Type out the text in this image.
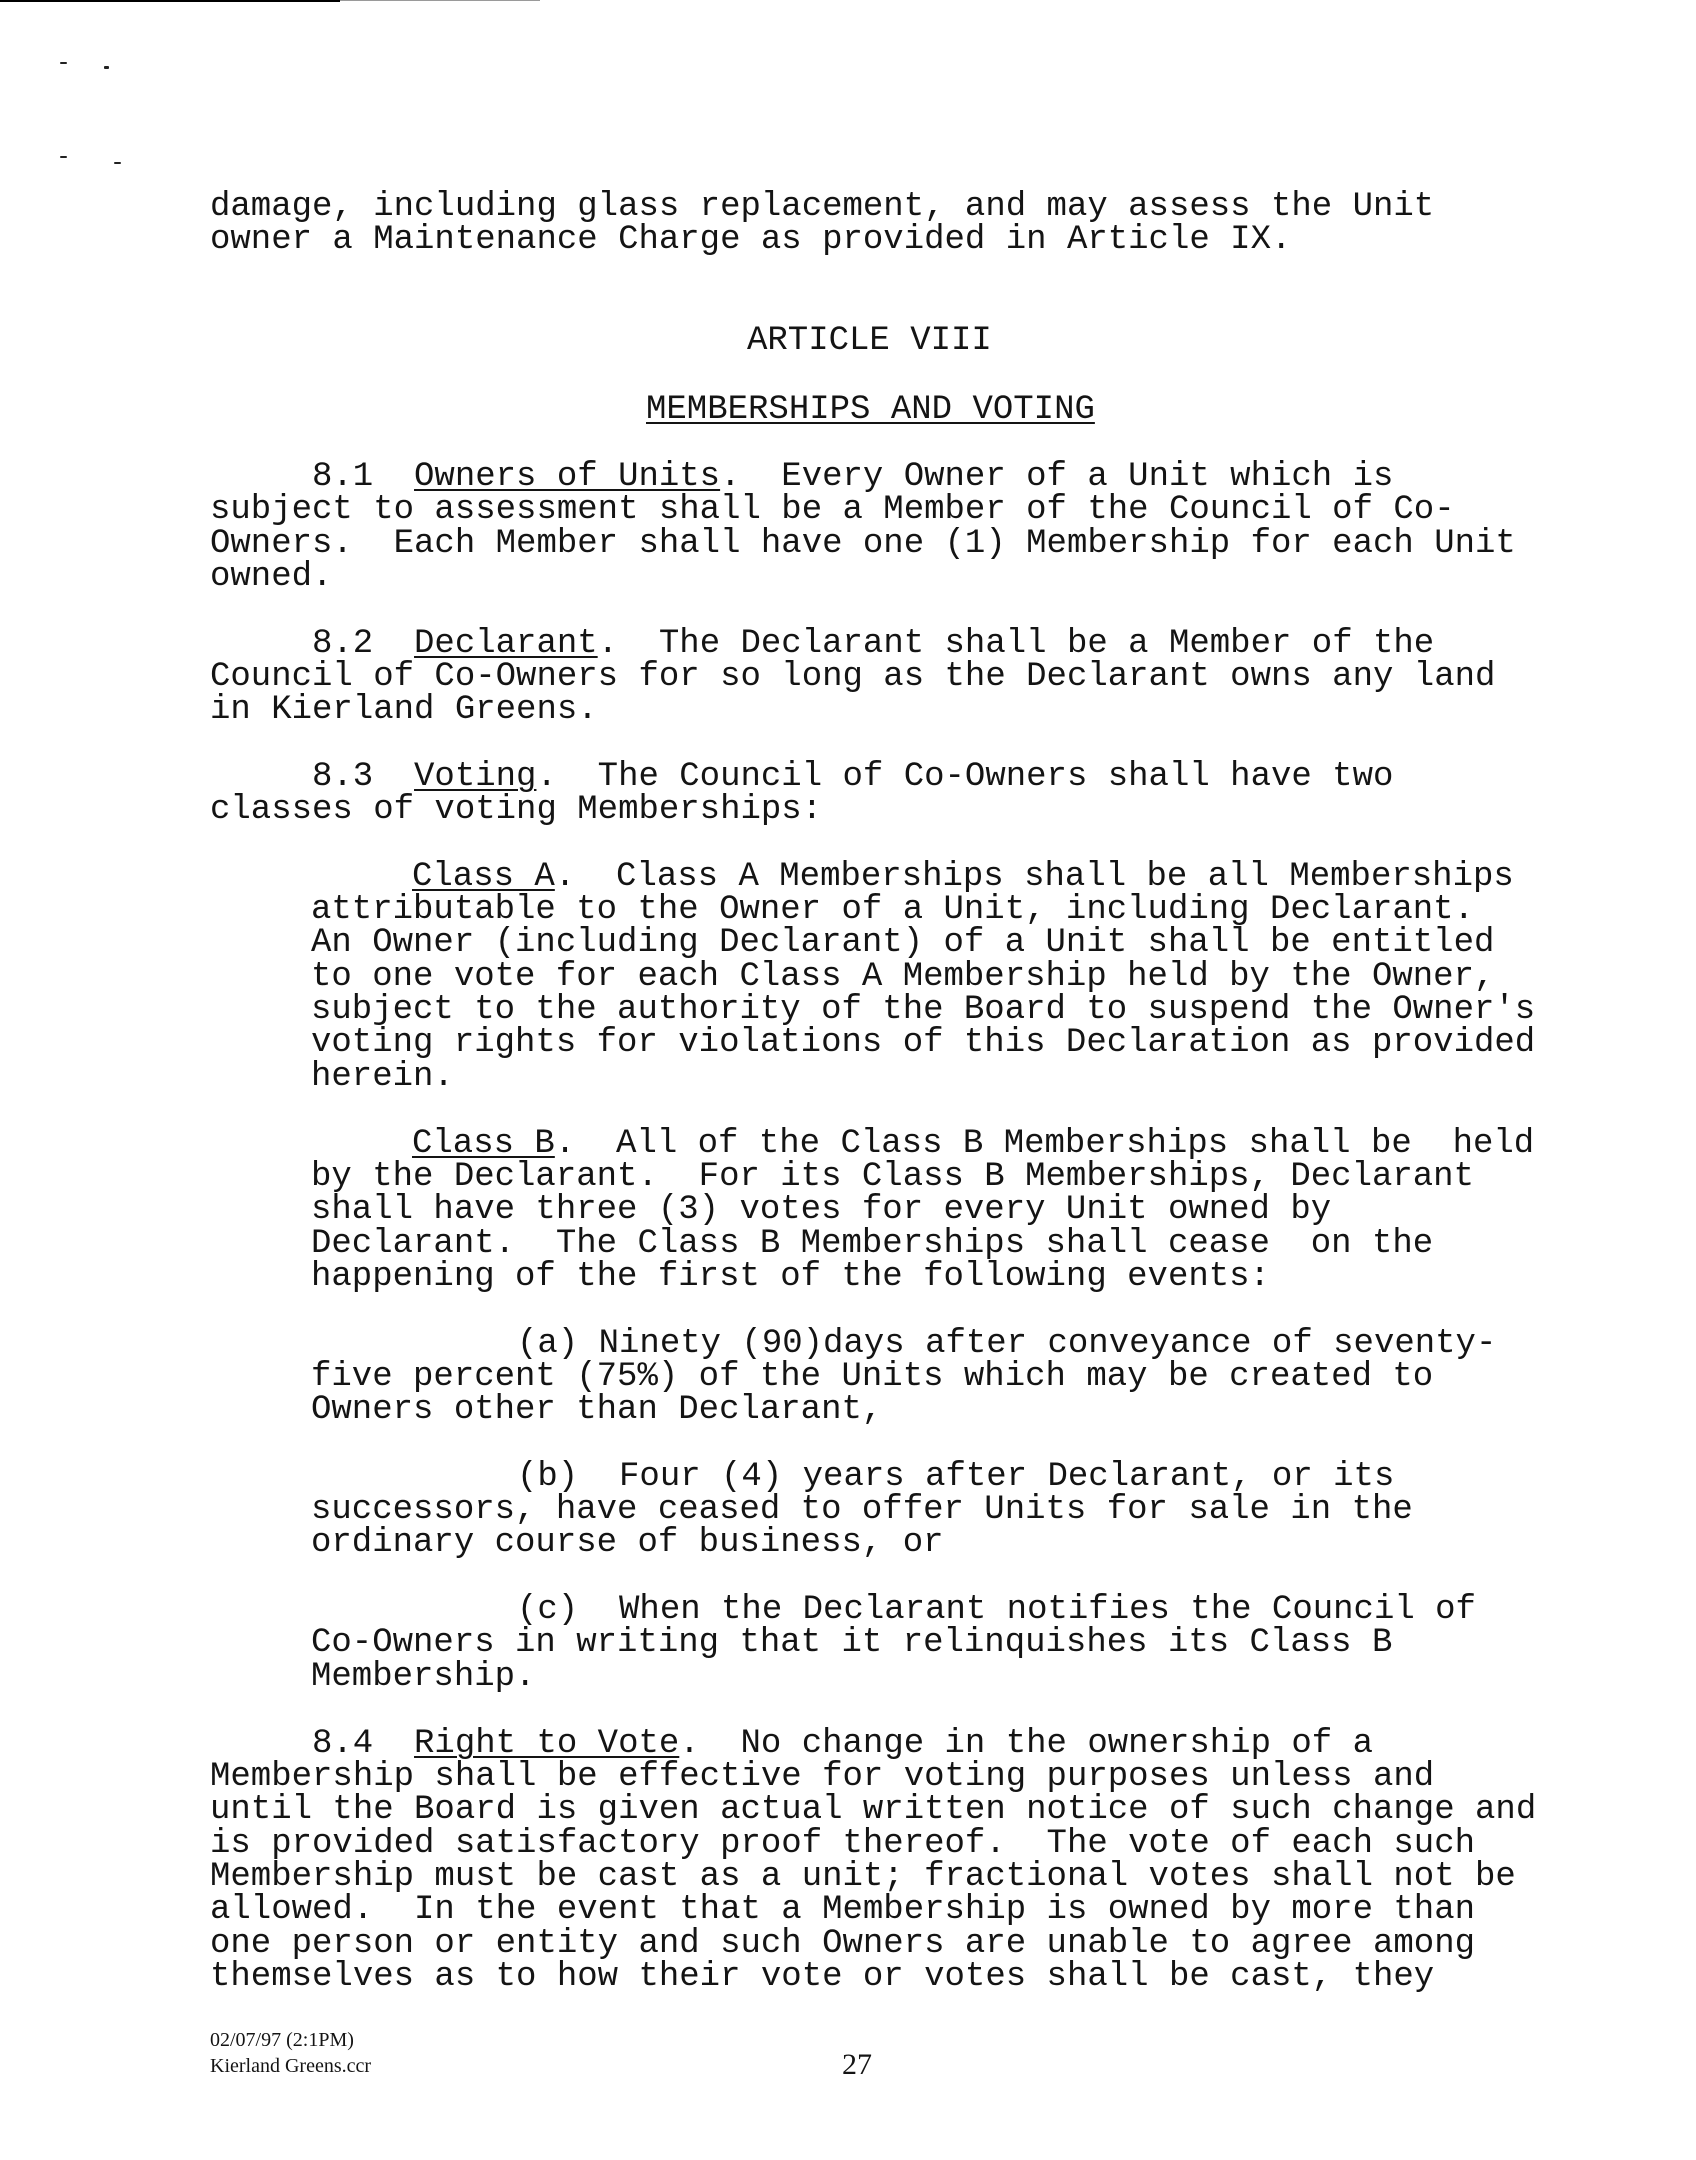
damage, including glass replacement, and may assess the Unit
owner a Maintenance Charge as provided in Article IX.
ARTICLE VIII
MEMBERSHIPS AND VOTING
8.1 Owners of Units.  Every Owner of a Unit which is
subject to assessment shall be a Member of the Council of Co-
Owners.  Each Member shall have one (1) Membership for each Unit
owned.
8.2 Declarant.  The Declarant shall be a Member of the
Council of Co-Owners for so long as the Declarant owns any land
in Kierland Greens.
8.3 Voting.  The Council of Co-Owners shall have two
classes of voting Memberships:
Class A.  Class A Memberships shall be all Memberships
attributable to the Owner of a Unit, including Declarant.
An Owner (including Declarant) of a Unit shall be entitled
to one vote for each Class A Membership held by the Owner,
subject to the authority of the Board to suspend the Owner's
voting rights for violations of this Declaration as provided
herein.
Class B.  All of the Class B Memberships shall be  held
by the Declarant.  For its Class B Memberships, Declarant
shall have three (3) votes for every Unit owned by
Declarant.  The Class B Memberships shall cease  on the
happening of the first of the following events:
(a) Ninety (90)days after conveyance of seventy-
five percent (75%) of the Units which may be created to
Owners other than Declarant,
(b)  Four (4) years after Declarant, or its
successors, have ceased to offer Units for sale in the
ordinary course of business, or
(c)  When the Declarant notifies the Council of
Co-Owners in writing that it relinquishes its Class B
Membership.
8.4 Right to Vote.  No change in the ownership of a
Membership shall be effective for voting purposes unless and
until the Board is given actual written notice of such change and
is provided satisfactory proof thereof.  The vote of each such
Membership must be cast as a unit; fractional votes shall not be
allowed.  In the event that a Membership is owned by more than
one person or entity and such Owners are unable to agree among
themselves as to how their vote or votes shall be cast, they
02/07/97 (2:1PM)
Kierland Greens.ccr	27
